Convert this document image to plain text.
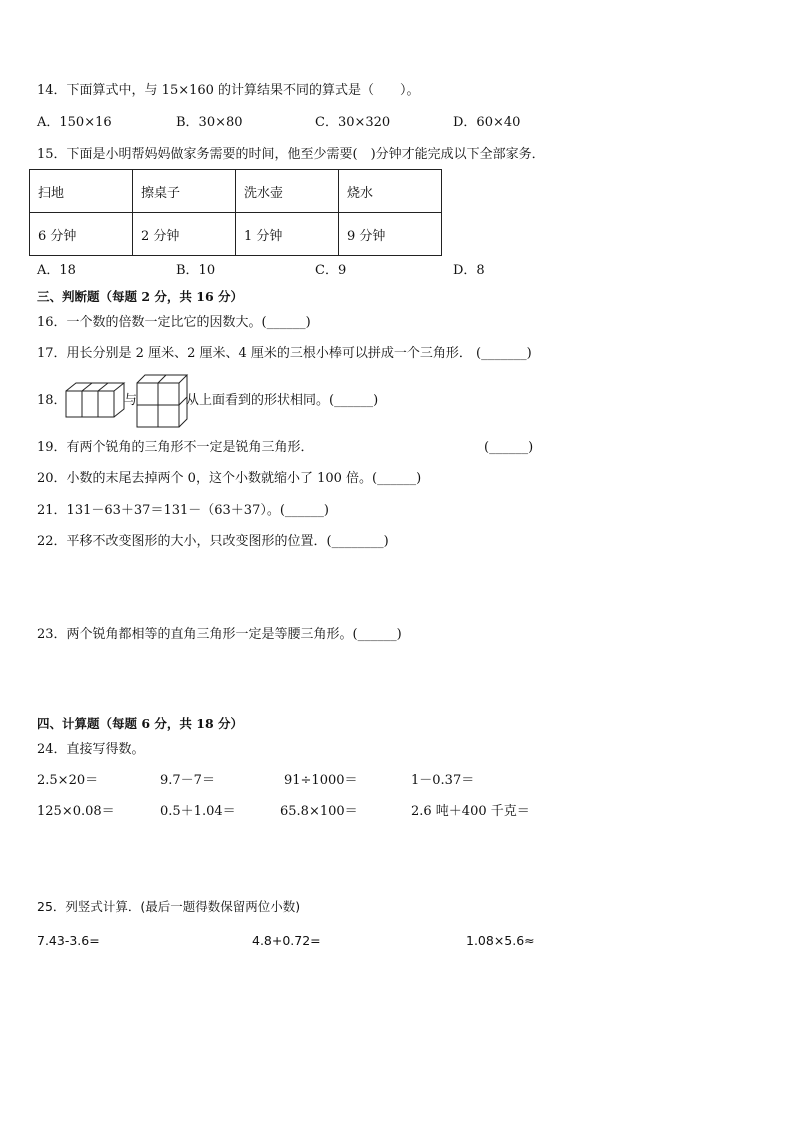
14．下面算式中，与 15×160 的计算结果不同的算式是（　　）。
A．150×16	B．30×80	C．30×320	D．60×40
15．下面是小明帮妈妈做家务需要的时间，他至少需要(　)分钟才能完成以下全部家务．
扫地	擦桌子	洗水壶	烧水
6 分钟	2 分钟	1 分钟	9 分钟
A．18	B．10	C．9	D．8
三、判断题（每题 2 分，共 16 分）
16．一个数的倍数一定比它的因数大。(______)
17．用长分别是 2 厘米、2 厘米、4 厘米的三根小棒可以拼成一个三角形． (_______)
18．	与	从上面看到的形状相同。(______)
19．有两个锐角的三角形不一定是锐角三角形．	(______)
20．小数的末尾去掉两个 0，这个小数就缩小了 100 倍。(______)
21．131－63＋37＝131－（63＋37）。(______)
22．平移不改变图形的大小，只改变图形的位置．(________)
23．两个锐角都相等的直角三角形一定是等腰三角形。(______)
四、计算题（每题 6 分，共 18 分）
24．直接写得数。
2.5×20＝	9.7－7＝	91÷1000＝	1－0.37＝
125×0.08＝	0.5＋1.04＝	65.8×100＝	2.6 吨＋400 千克＝
25．列竖式计算．(最后一题得数保留两位小数)
7.43-3.6=	4.8+0.72=	1.08×5.6≈
